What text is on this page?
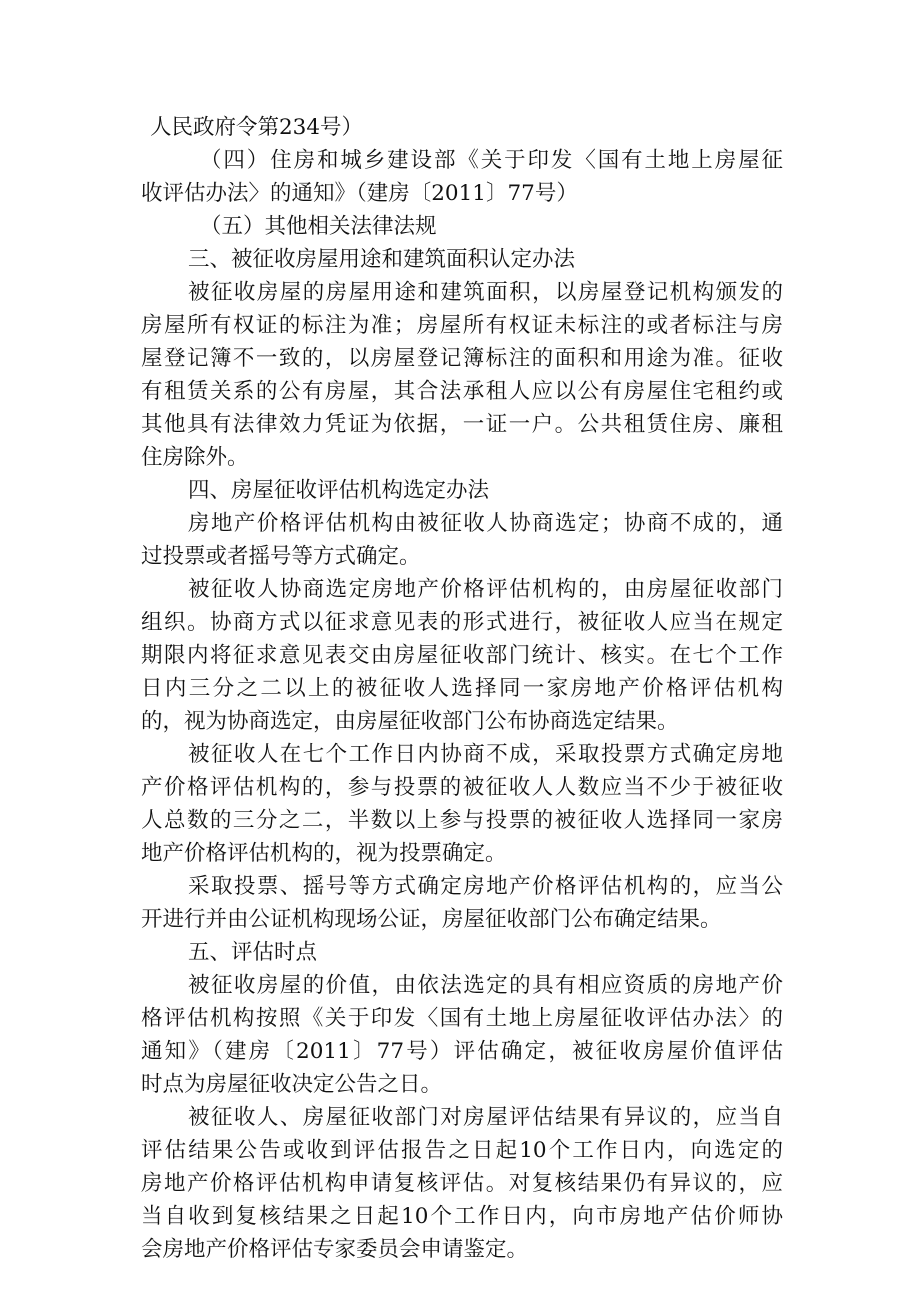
人民政府令第234号）
（四）住房和城乡建设部《关于印发〈国有土地上房屋征
收评估办法〉的通知》（建房〔2011〕77号）
（五）其他相关法律法规
三、被征收房屋用途和建筑面积认定办法
被征收房屋的房屋用途和建筑面积，以房屋登记机构颁发的
房屋所有权证的标注为准；房屋所有权证未标注的或者标注与房
屋登记簿不一致的，以房屋登记簿标注的面积和用途为准。征收
有租赁关系的公有房屋，其合法承租人应以公有房屋住宅租约或
其他具有法律效力凭证为依据，一证一户。公共租赁住房、廉租
住房除外。
四、房屋征收评估机构选定办法
房地产价格评估机构由被征收人协商选定；协商不成的，通
过投票或者摇号等方式确定。
被征收人协商选定房地产价格评估机构的，由房屋征收部门
组织。协商方式以征求意见表的形式进行，被征收人应当在规定
期限内将征求意见表交由房屋征收部门统计、核实。在七个工作
日内三分之二以上的被征收人选择同一家房地产价格评估机构
的，视为协商选定，由房屋征收部门公布协商选定结果。
被征收人在七个工作日内协商不成，采取投票方式确定房地
产价格评估机构的，参与投票的被征收人人数应当不少于被征收
人总数的三分之二，半数以上参与投票的被征收人选择同一家房
地产价格评估机构的，视为投票确定。
采取投票、摇号等方式确定房地产价格评估机构的，应当公
开进行并由公证机构现场公证，房屋征收部门公布确定结果。
五、评估时点
被征收房屋的价值，由依法选定的具有相应资质的房地产价
格评估机构按照《关于印发〈国有土地上房屋征收评估办法〉的
通知》（建房〔2011〕77号）评估确定，被征收房屋价值评估
时点为房屋征收决定公告之日。
被征收人、房屋征收部门对房屋评估结果有异议的，应当自
评估结果公告或收到评估报告之日起10个工作日内，向选定的
房地产价格评估机构申请复核评估。对复核结果仍有异议的，应
当自收到复核结果之日起10个工作日内，向市房地产估价师协
会房地产价格评估专家委员会申请鉴定。
